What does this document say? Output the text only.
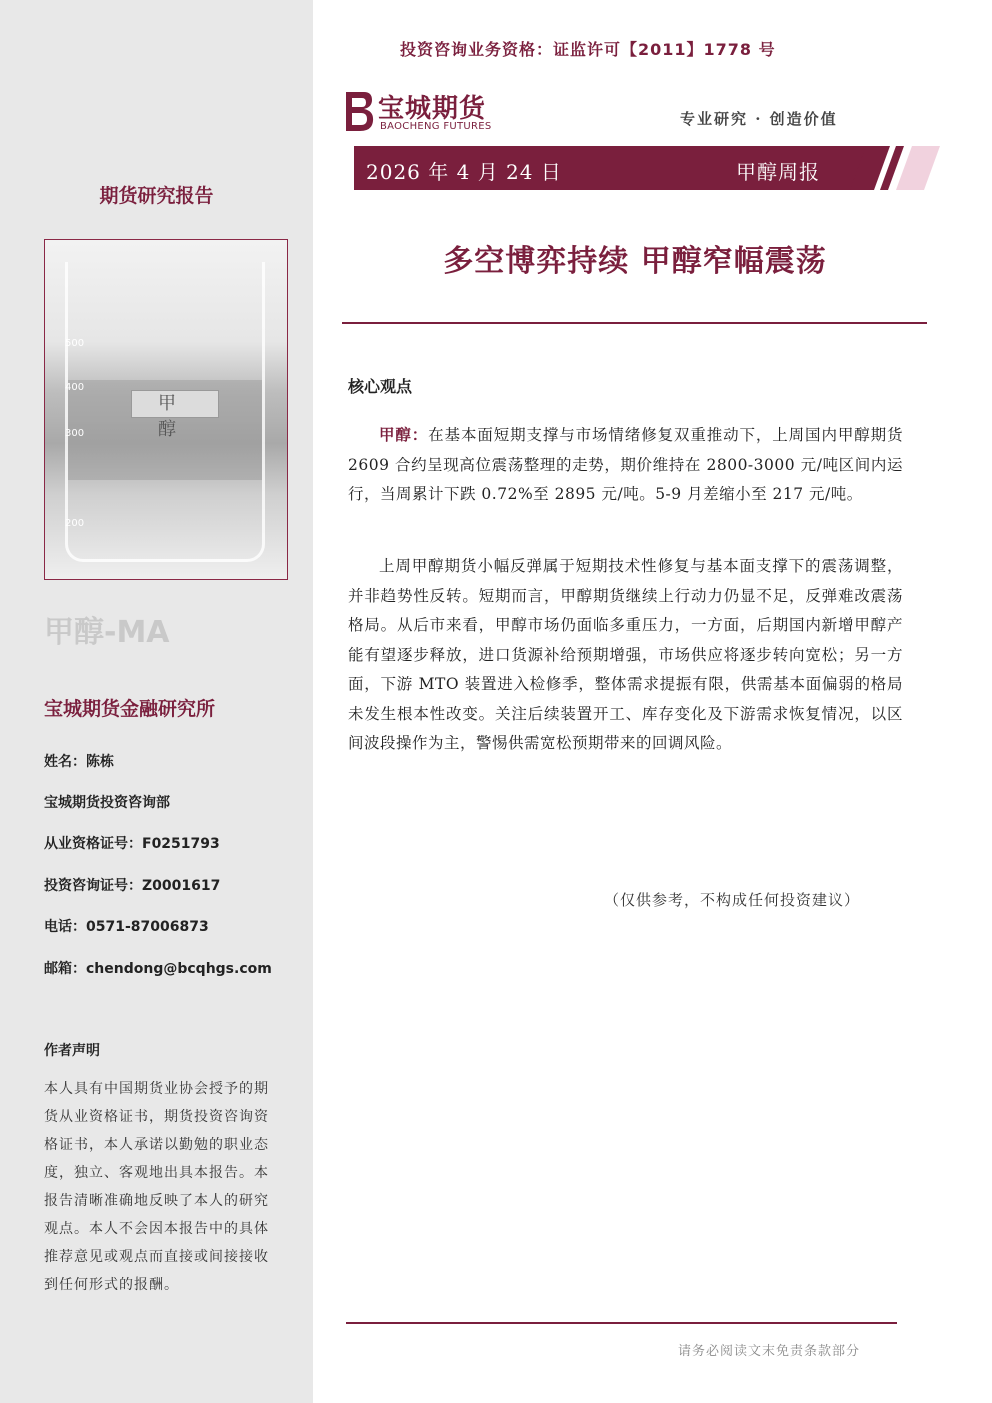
期货研究报告
500
400
300
200
甲 醇
甲醇-MA
宝城期货金融研究所
姓名：陈栋
宝城期货投资咨询部
从业资格证号：F0251793
投资咨询证号：Z0001617
电话：0571-87006873
邮箱：chendong@bcqhgs.com
作者声明
本人具有中国期货业协会授予的期货从业资格证书，期货投资咨询资格证书，本人承诺以勤勉的职业态度，独立、客观地出具本报告。本报告清晰准确地反映了本人的研究观点。本人不会因本报告中的具体推荐意见或观点而直接或间接接收到任何形式的报酬。
投资咨询业务资格：证监许可【2011】1778 号
宝城期货
BAOCHENG FUTURES	专业研究 · 创造价值
2026 年 4 月 24 日	甲醇周报
多空博弈持续 甲醇窄幅震荡
核心观点

甲醇：在基本面短期支撑与市场情绪修复双重推动下，上周国内甲醇期货 2609 合约呈现高位震荡整理的走势，期价维持在 2800-3000 元/吨区间内运行，当周累计下跌 0.72%至 2895 元/吨。5-9 月差缩小至 217 元/吨。

上周甲醇期货小幅反弹属于短期技术性修复与基本面支撑下的震荡调整，并非趋势性反转。短期而言，甲醇期货继续上行动力仍显不足，反弹难改震荡格局。从后市来看，甲醇市场仍面临多重压力，一方面，后期国内新增甲醇产能有望逐步释放，进口货源补给预期增强，市场供应将逐步转向宽松；另一方面，下游 MTO 装置进入检修季，整体需求提振有限，供需基本面偏弱的格局未发生根本性改变。关注后续装置开工、库存变化及下游需求恢复情况，以区间波段操作为主，警惕供需宽松预期带来的回调风险。

（仅供参考，不构成任何投资建议）
请务必阅读文末免责条款部分
